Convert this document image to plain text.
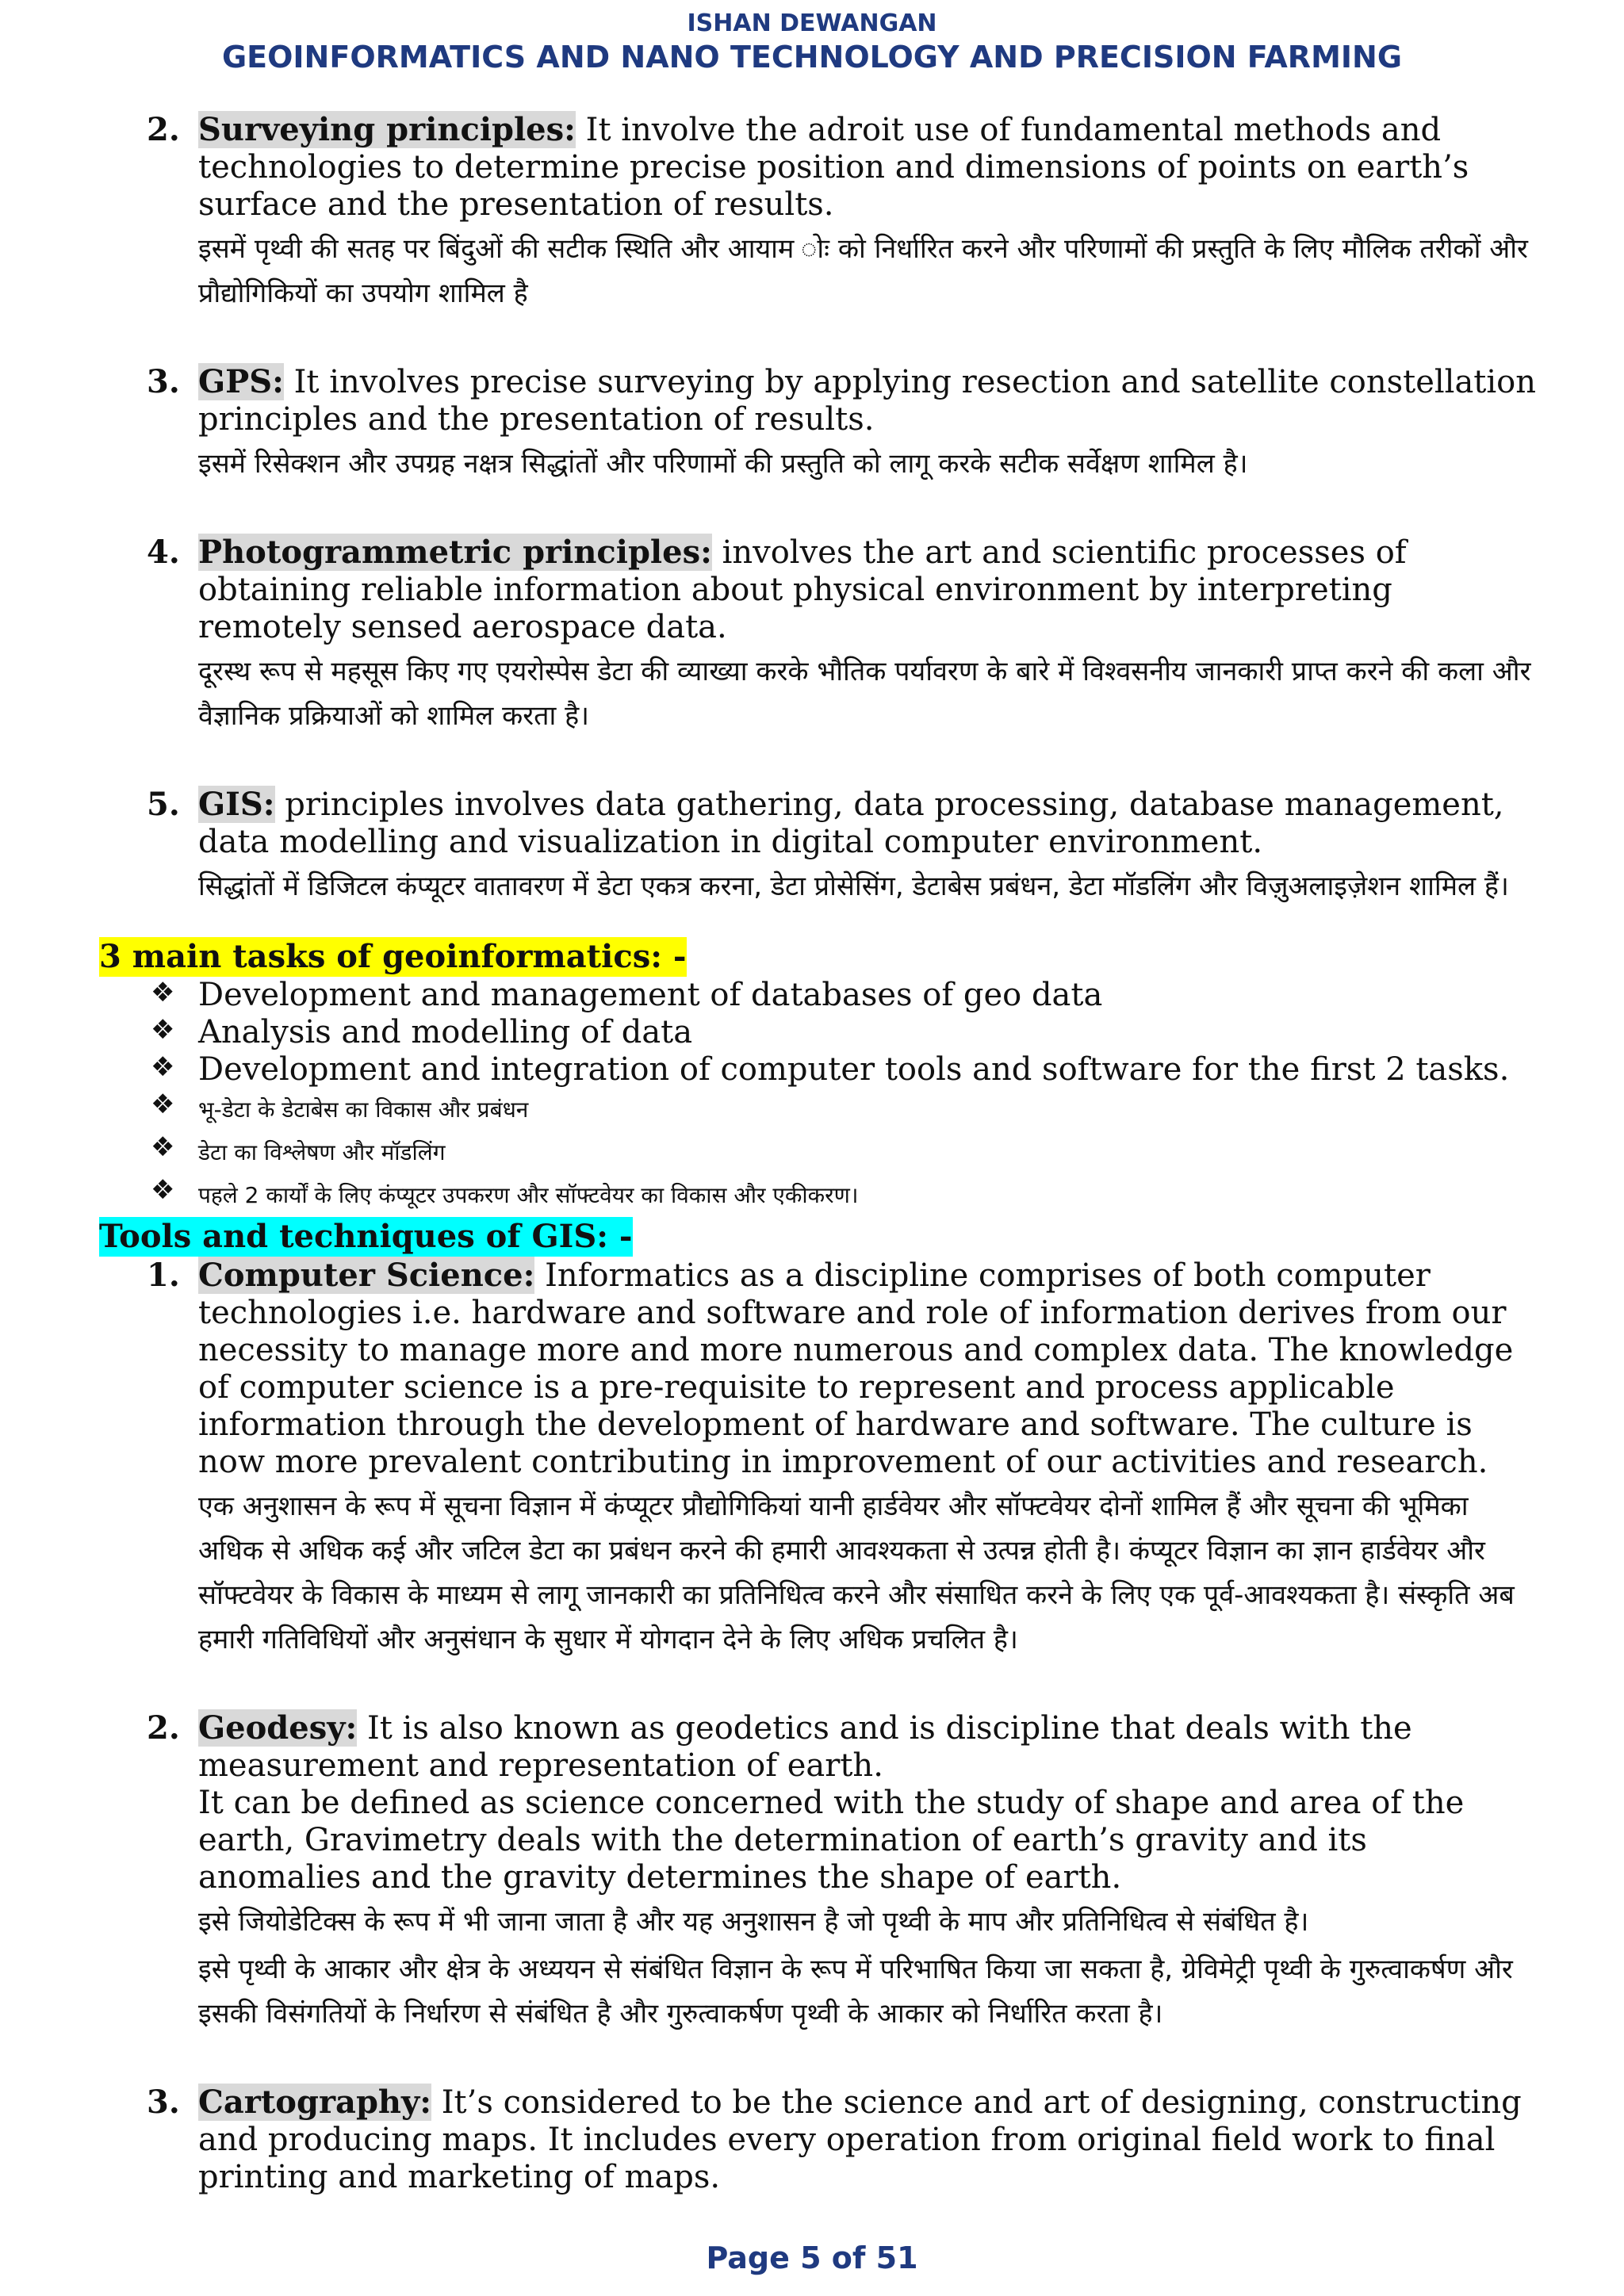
ISHAN DEWANGAN
GEOINFORMATICS AND NANO TECHNOLOGY AND PRECISION FARMING
2. Surveying principles: It involve the adroit use of fundamental methods and technologies to determine precise position and dimensions of points on earth’s surface and the presentation of results.
इसमें पृथ्वी की सतह पर बिंदुओं की सटीक स्थिति और आयाम ोः को निर्धारित करने और परिणामों की प्रस्तुति के लिए मौलिक तरीकों और प्रौद्योगिकियों का उपयोग शामिल है
3. GPS: It involves precise surveying by applying resection and satellite constellation principles and the presentation of results.
इसमें रिसेक्शन और उपग्रह नक्षत्र सिद्धांतों और परिणामों की प्रस्तुति को लागू करके सटीक सर्वेक्षण शामिल है।
4. Photogrammetric principles: involves the art and scientific processes of obtaining reliable information about physical environment by interpreting remotely sensed aerospace data.
दूरस्थ रूप से महसूस किए गए एयरोस्पेस डेटा की व्याख्या करके भौतिक पर्यावरण के बारे में विश्वसनीय जानकारी प्राप्त करने की कला और वैज्ञानिक प्रक्रियाओं को शामिल करता है।
5. GIS: principles involves data gathering, data processing, database management, data modelling and visualization in digital computer environment.
सिद्धांतों में डिजिटल कंप्यूटर वातावरण में डेटा एकत्र करना, डेटा प्रोसेसिंग, डेटाबेस प्रबंधन, डेटा मॉडलिंग और विज़ुअलाइज़ेशन शामिल हैं।
3 main tasks of geoinformatics: -
❖ Development and management of databases of geo data
❖ Analysis and modelling of data
❖ Development and integration of computer tools and software for the first 2 tasks.
❖ भू-डेटा के डेटाबेस का विकास और प्रबंधन
❖ डेटा का विश्लेषण और मॉडलिंग
❖ पहले 2 कार्यों के लिए कंप्यूटर उपकरण और सॉफ्टवेयर का विकास और एकीकरण।
Tools and techniques of GIS: -
1. Computer Science: Informatics as a discipline comprises of both computer technologies i.e. hardware and software and role of information derives from our necessity to manage more and more numerous and complex data. The knowledge of computer science is a pre-requisite to represent and process applicable information through the development of hardware and software. The culture is now more prevalent contributing in improvement of our activities and research.
एक अनुशासन के रूप में सूचना विज्ञान में कंप्यूटर प्रौद्योगिकियां यानी हार्डवेयर और सॉफ्टवेयर दोनों शामिल हैं और सूचना की भूमिका अधिक से अधिक कई और जटिल डेटा का प्रबंधन करने की हमारी आवश्यकता से उत्पन्न होती है। कंप्यूटर विज्ञान का ज्ञान हार्डवेयर और सॉफ्टवेयर के विकास के माध्यम से लागू जानकारी का प्रतिनिधित्व करने और संसाधित करने के लिए एक पूर्व-आवश्यकता है। संस्कृति अब हमारी गतिविधियों और अनुसंधान के सुधार में योगदान देने के लिए अधिक प्रचलित है।
2. Geodesy: It is also known as geodetics and is discipline that deals with the measurement and representation of earth.
It can be defined as science concerned with the study of shape and area of the earth, Gravimetry deals with the determination of earth’s gravity and its anomalies and the gravity determines the shape of earth.
इसे जियोडेटिक्स के रूप में भी जाना जाता है और यह अनुशासन है जो पृथ्वी के माप और प्रतिनिधित्व से संबंधित है।
इसे पृथ्वी के आकार और क्षेत्र के अध्ययन से संबंधित विज्ञान के रूप में परिभाषित किया जा सकता है, ग्रेविमेट्री पृथ्वी के गुरुत्वाकर्षण और इसकी विसंगतियों के निर्धारण से संबंधित है और गुरुत्वाकर्षण पृथ्वी के आकार को निर्धारित करता है।
3. Cartography: It’s considered to be the science and art of designing, constructing and producing maps. It includes every operation from original field work to final printing and marketing of maps.
Page 5 of 51
